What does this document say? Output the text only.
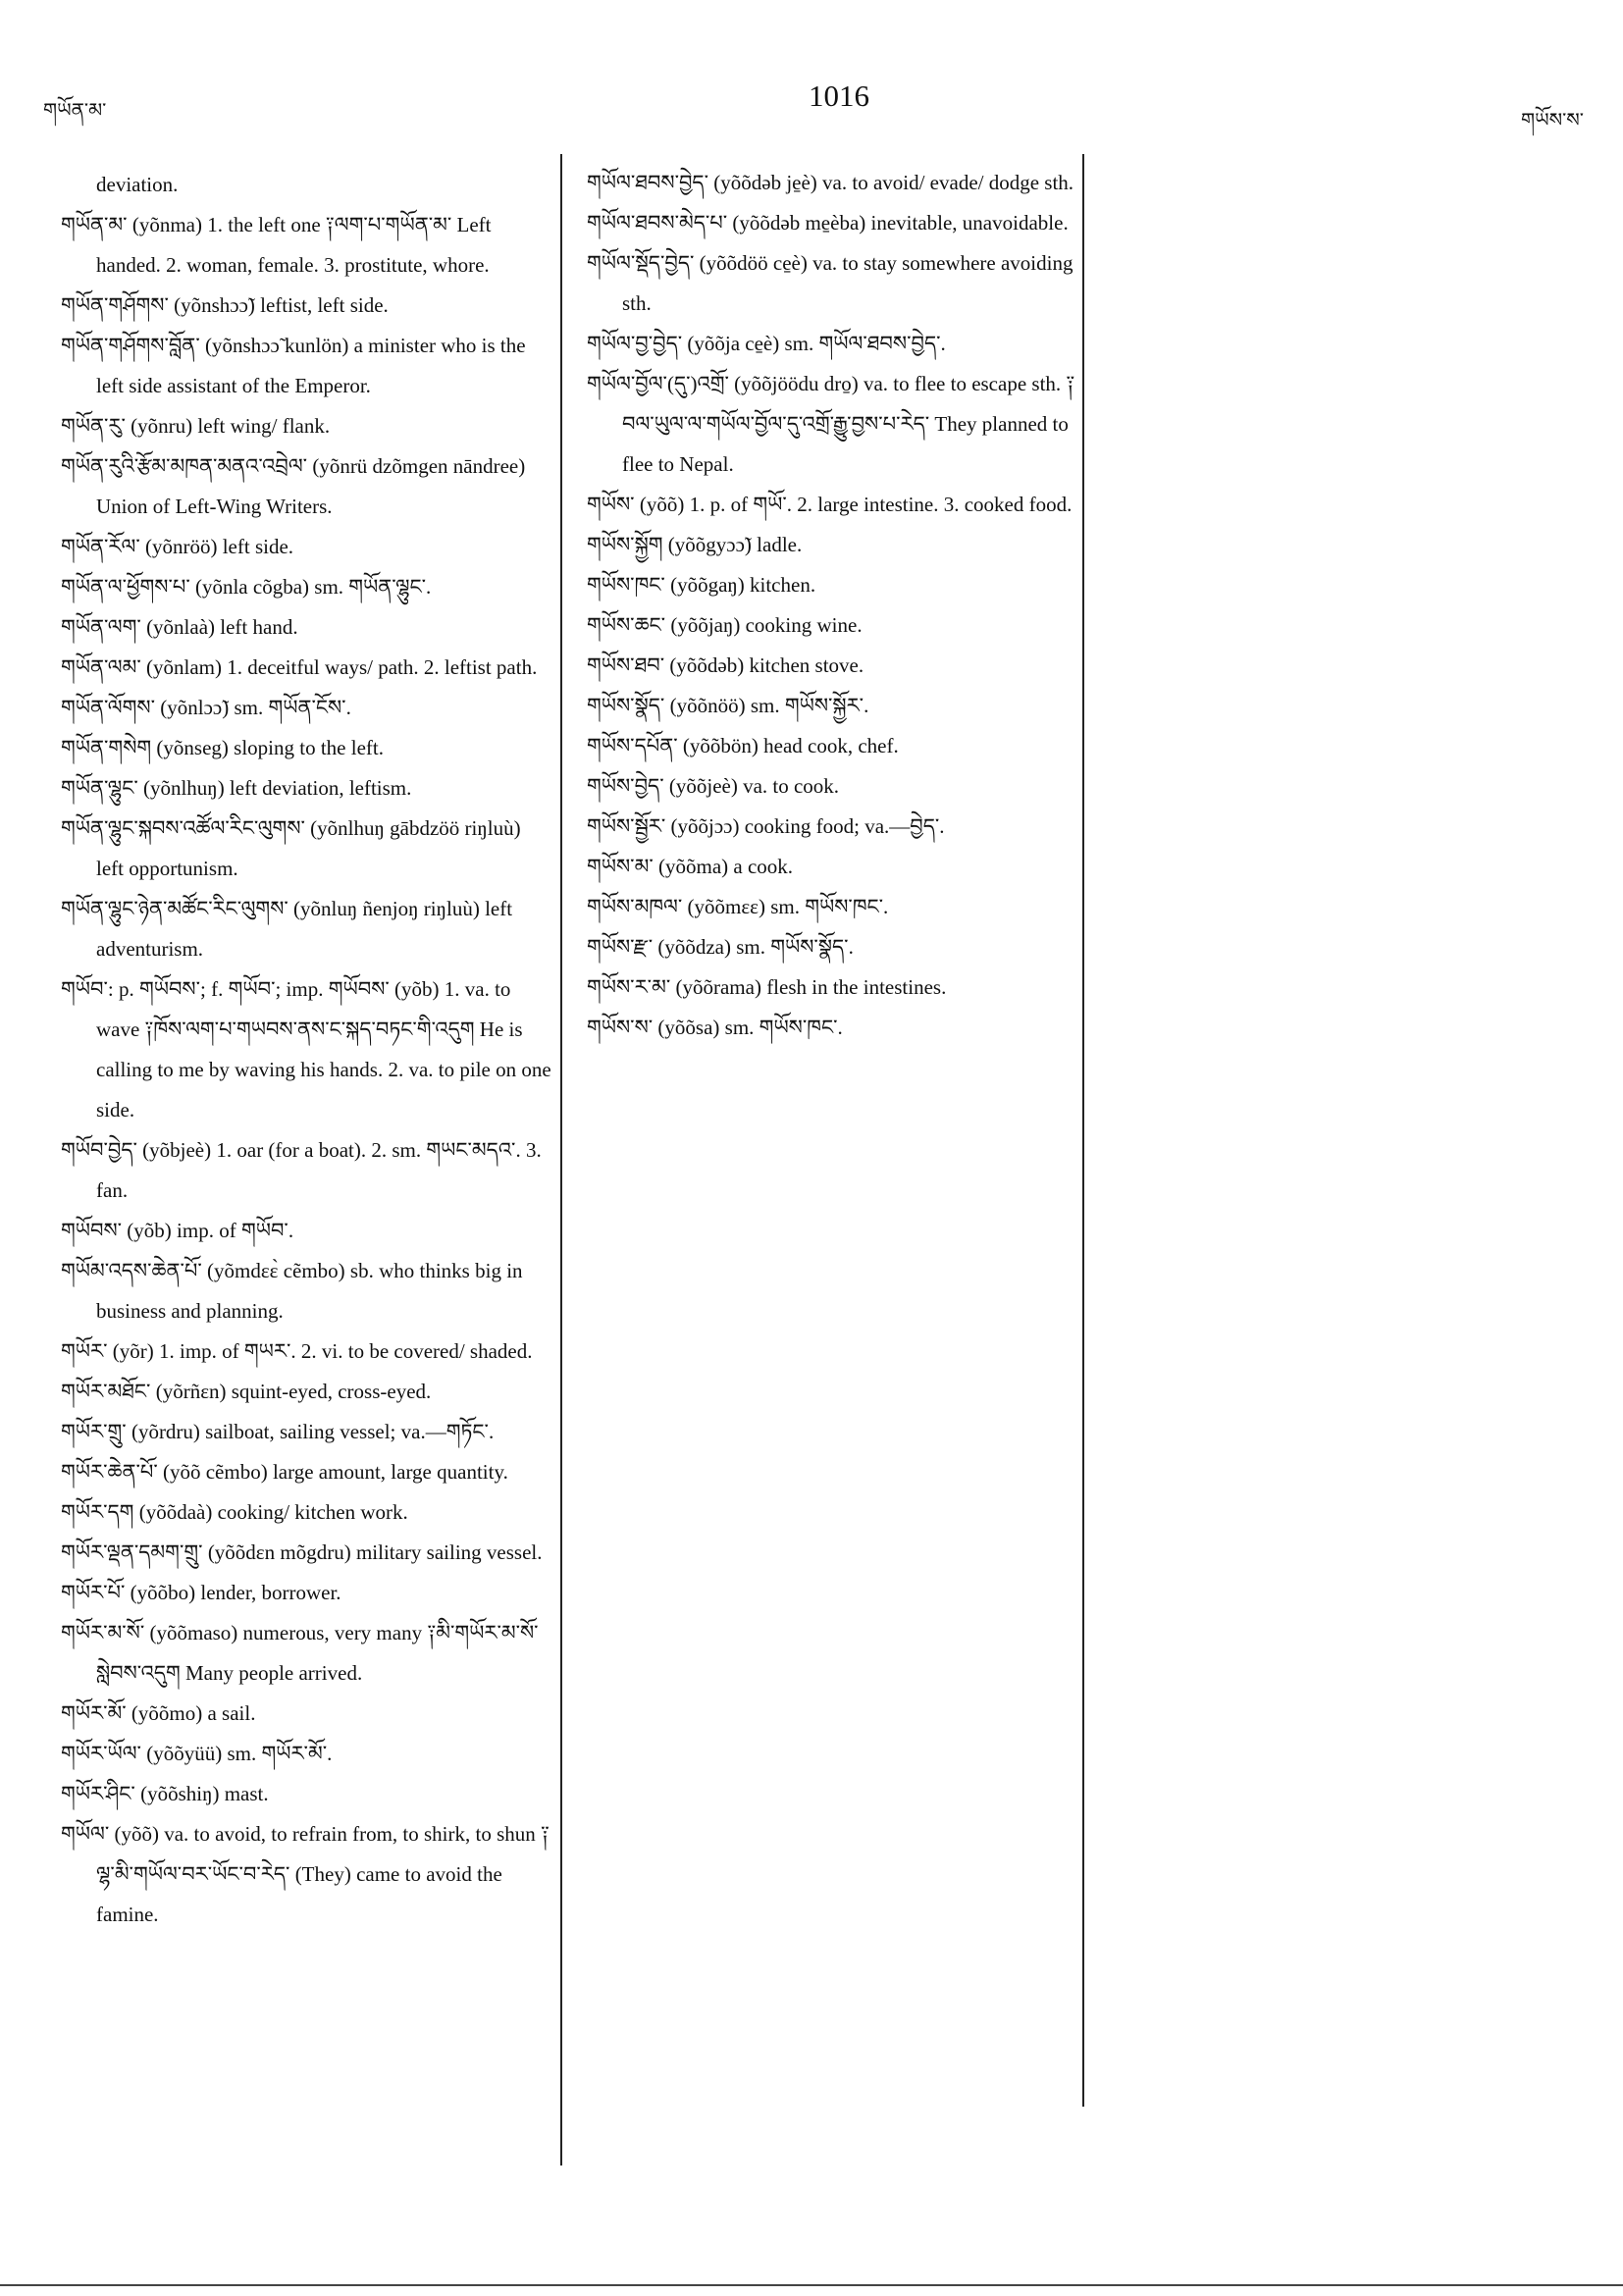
གཡོན་མ་	1016
གཡོས་ས་

deviation.

གཡོན་མ་ (yõnma) 1. the left one ༑ལག་པ་གཡོན་མ་ Left handed. 2. woman, female. 3. prostitute, whore.

གཡོན་གཤོགས་ (yõnshɔɔ̃) leftist, left side.

གཡོན་གཤོགས་བློན་ (yõnshɔɔ̃ kunlön) a minister who is the left side assistant of the Emperor.

གཡོན་རུ་ (yõnru) left wing/ flank.

གཡོན་རུའི་རྩོམ་མཁན་མནའ་འབྲེལ་ (yõnrü dzõmgen nāndree) Union of Left-Wing Writers.

གཡོན་རོལ་ (yõnröö) left side.

གཡོན་ལ་ཕྱོགས་པ་ (yõnla cõgba) sm. གཡོན་ལྷུང་.

གཡོན་ལག་ (yõnlaà) left hand.

གཡོན་ལམ་ (yõnlam) 1. deceitful ways/ path. 2. leftist path.

གཡོན་ལོགས་ (yõnlɔɔ̃) sm. གཡོན་ངོས་.

གཡོན་གསེག (yõnseg) sloping to the left.

གཡོན་ལྷུང་ (yõnlhuŋ) left deviation, leftism.

གཡོན་ལྷུང་སྐབས་འཚོལ་རིང་ལུགས་ (yõnlhuŋ gābdzöö riŋluù) left opportunism.

གཡོན་ལྷུང་ཉེན་མཚོང་རིང་ལུགས་ (yõnluŋ ñenjoŋ riŋluù) left adventurism.

གཡོབ་: p. གཡོབས་; f. གཡོབ་; imp. གཡོབས་ (yõb) 1. va. to wave ༑ཁོས་ལག་པ་གཡབས་ནས་ང་སྐད་བཏང་གི་འདུག He is calling to me by waving his hands. 2. va. to pile on one side.

གཡོབ་བྱེད་ (yõbjeè) 1. oar (for a boat). 2. sm. གཡང་མདའ་. 3. fan.

གཡོབས་ (yõb) imp. of གཡོབ་.

གཡོམ་འདས་ཆེན་པོ་ (yõmdɛɛ̀ cẽmbo) sb. who thinks big in business and planning.

གཡོར་ (yõr) 1. imp. of གཡར་. 2. vi. to be covered/ shaded.

གཡོར་མཐོང་ (yõrñɛn) squint-eyed, cross-eyed.

གཡོར་གྲུ་ (yõrdru) sailboat, sailing vessel; va.—གཏོང་.

གཡོར་ཆེན་པོ་ (yõõ cẽmbo) large amount, large quantity.

གཡོར་དག (yõõdaà) cooking/ kitchen work.

གཡོར་ལྡན་དམག་གྲུ་ (yõõdɛn mõgdru) military sailing vessel.

གཡོར་པོ་ (yõõbo) lender, borrower.

གཡོར་མ་སོ་ (yõõmaso) numerous, very many ༑མི་གཡོར་མ་སོ་སླེབས་འདུག Many people arrived.

གཡོར་མོ་ (yõõmo) a sail.

གཡོར་ཡོལ་ (yõõyüü) sm. གཡོར་མོ་.

གཡོར་ཤིང་ (yõõshiŋ) mast.

གཡོལ་ (yõõ) va. to avoid, to refrain from, to shirk, to shun ༑ལྷ་མི་གཡོལ་བར་ཡོང་བ་རེད་ (They) came to avoid the famine.

གཡོལ་ཐབས་བྱེད་ (yõõdəb je̱è) va. to avoid/ evade/ dodge sth.

གཡོལ་ཐབས་མེད་པ་ (yõõdəb me̱èba) inevitable, unavoidable.

གཡོལ་སྡོད་བྱེད་ (yõõdöö ce̱è) va. to stay somewhere avoiding sth.

གཡོལ་བྱ་བྱེད་ (yõõja ce̱è) sm. གཡོལ་ཐབས་བྱེད་.

གཡོལ་བྱོལ་(དུ་)འགྲོ་ (yõõjöödu dro̱) va. to flee to escape sth. ༑བལ་ཡུལ་ལ་གཡོལ་བྱོལ་དུ་འགྲོ་རྒྱུ་བྱས་པ་རེད་ They planned to flee to Nepal.

གཡོས་ (yõõ) 1. p. of གཡོ་. 2. large intestine. 3. cooked food.

གཡོས་སྐྱོག (yõõgyɔɔ̃) ladle.

གཡོས་ཁང་ (yõõgaŋ) kitchen.

གཡོས་ཆང་ (yõõjaŋ) cooking wine.

གཡོས་ཐབ་ (yõõdəb) kitchen stove.

གཡོས་སྣོད་ (yõõnöö) sm. གཡོས་སྐྱོར་.

གཡོས་དཔོན་ (yõõbön) head cook, chef.

གཡོས་བྱེད་ (yõõjeè) va. to cook.

གཡོས་སྦྱོར་ (yõõjɔɔ) cooking food; va.—བྱེད་.

གཡོས་མ་ (yõõma) a cook.

གཡོས་མཁལ་ (yõõmɛɛ) sm. གཡོས་ཁང་.

གཡོས་རྫ་ (yõõdza) sm. གཡོས་སྣོད་.

གཡོས་ར་མ་ (yõõrama) flesh in the intestines.

གཡོས་ས་ (yõõsa) sm. གཡོས་ཁང་.
